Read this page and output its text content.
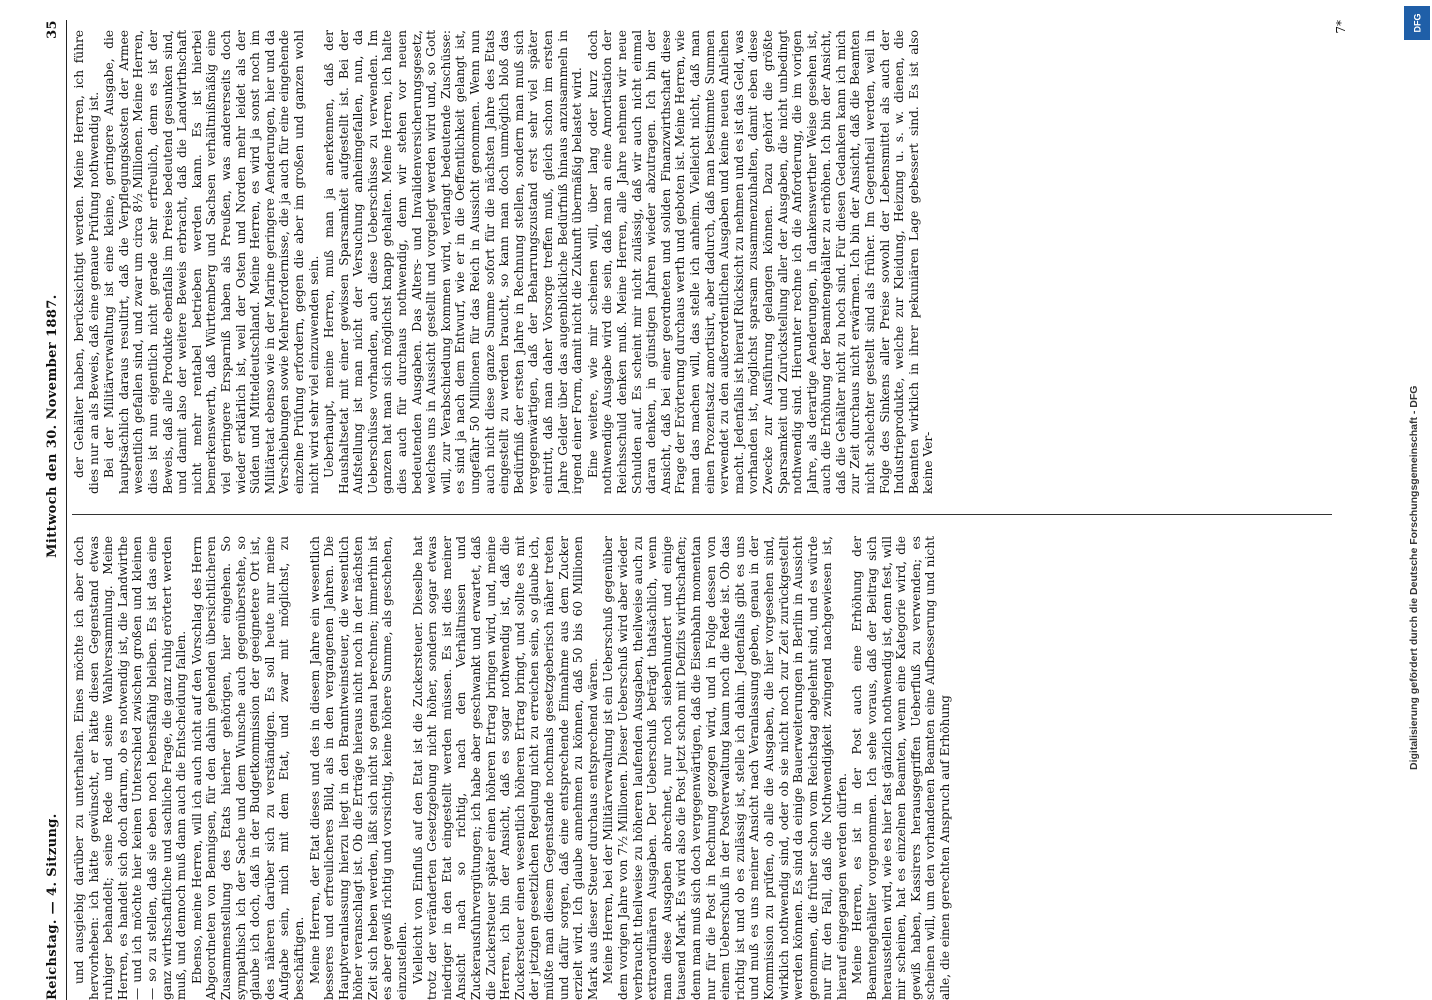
Reichstag. — 4. Sitzung.
Mittwoch den 30. November 1887.
35

und ausgiebig darüber zu unterhalten. Eines möchte ich aber doch hervorheben: ich hätte gewünscht, er hätte diesen Gegenstand etwas ruhiger behandelt; seine Rede und seine Wahlversammlung. Meine Herren, es handelt sich doch darum, ob es notwendig ist, die Landwirthe — und ich möchte hier keinen Unterschied zwischen großen und kleinen — so zu stellen, daß sie eben noch lebensfähig bleiben. Es ist das eine ganz wirthschaftliche und sachliche Frage, die ganz ruhig erörtert werden muß, und dennoch muß dann auch die Entscheidung fallen. Ebenso, meine Herren, will ich auch nicht auf den Vorschlag des Herrn Abgeordneten von Bennigsen, für den dahin gehenden übersichtlicheren Zusammenstellung des Etats hierher gehörigen, hier eingehen. So sympathisch ich der Sache und dem Wunsche auch gegenüberstehe, so glaube ich doch, daß in der Budgetkommission der geeignetere Ort ist, des näheren darüber sich zu verständigen. Es soll heute nur meine Aufgabe sein, mich mit dem Etat, und zwar mit möglichst, zu beschäftigen. Meine Herren, der Etat dieses und des in diesem Jahre ein wesentlich besseres und erfreulicheres Bild, als in den vergangenen Jahren. Die Hauptveranlassung hierzu liegt in den Branntweinsteuer, die wesentlich höher veranschlagt ist. Ob die Erträge hieraus nicht noch in der nächsten Zeit sich heben werden, läßt sich nicht so genau berechnen; immerhin ist es aber gewiß richtig und vorsichtig, keine höhere Summe, als geschehen, einzustellen. Vielleicht von Einfluß auf den Etat ist die Zuckersteuer. Dieselbe hat trotz der veränderten Gesetzgebung nicht höher, sondern sogar etwas niedriger in den Etat eingestellt werden müssen. Es ist dies meiner Ansicht nach so richtig, nach den Verhältnissen und Zuckerausfuhrvergütungen; ich habe aber geschwankt und erwartet, daß die Zuckersteuer später einen höheren Ertrag bringen wird, und, meine Herren, ich bin der Ansicht, daß es sogar nothwendig ist, daß die Zuckersteuer einen wesentlich höheren Ertrag bringt, und sollte es mit der jetzigen gesetzlichen Regelung nicht zu erreichen sein, so glaube ich, müßte man diesem Gegenstande nochmals gesetzgeberisch näher treten und dafür sorgen, daß eine entsprechende Einnahme aus dem Zucker erzielt wird. Ich glaube annehmen zu können, daß 50 bis 60 Millionen Mark aus dieser Steuer durchaus entsprechend wären. Meine Herren, bei der Militärverwaltung ist ein Ueberschuß gegenüber dem vorigen Jahre von 7½ Millionen. Dieser Ueberschuß wird aber wieder verbraucht theilweise zu höheren laufenden Ausgaben, theilweise auch zu extraordinären Ausgaben. Der Ueberschuß beträgt thatsächlich, wenn man diese Ausgaben abrechnet, nur noch siebenhundert und einige tausend Mark. Es wird also die Post jetzt schon mit Defizits wirthschaften; denn man muß sich doch vergegenwärtigen, daß die Eisenbahn momentan nur für die Post in Rechnung gezogen wird, und in Folge dessen von einem Ueberschuß in der Postverwaltung kaum noch die Rede ist. Ob das richtig ist und ob es zulässig ist, stelle ich dahin. Jedenfalls gibt es uns und muß es uns meiner Ansicht nach Veranlassung geben, genau in der Kommission zu prüfen, ob alle die Ausgaben, die hier vorgesehen sind, wirklich nothwendig sind, oder ob sie nicht noch zur Zeit zurückgestellt werden können. Es sind da einige Bauerweiterungen in Berlin in Aussicht genommen, die früher schon vom Reichstag abgelehnt sind, und es würde nur für den Fall, daß die Nothwendigkeit zwingend nachgewiesen ist, hierauf eingegangen werden dürfen. Meine Herren, es ist in der Post auch eine Erhöhung der Beamtengehälter vorgenommen. Ich sehe voraus, daß der Beitrag sich herausstellen wird, wie es hier fast gänzlich nothwendig ist, denn fest, will mir scheinen, hat es einzelnen Beamten, wenn eine Kategorie wird, die gewiß haben, Kassirers herausgegriffen Ueberfluß zu verwenden; es scheinen will, um den vorhandenen Beamten eine Aufbesserung und nicht alle, die einen gerechten Anspruch auf Erhöhung

der Gehälter haben, berücksichtigt werden. Meine Herren, ich führe dies nur an als Beweis, daß eine genaue Prüfung nothwendig ist. Bei der Militärverwaltung ist eine kleine, geringere Ausgabe, die hauptsächlich daraus resultirt, daß die Verpflegungskosten der Armee wesentlich gefallen sind, und zwar um circa 8½ Millionen. Meine Herren, dies ist nun eigentlich nicht gerade sehr erfreulich, denn es ist der Beweis, daß alle Produkte ebenfalls im Preise bedeutend gesunken sind, und damit also der weitere Beweis erbracht, daß die Landwirthschaft nicht mehr rentabel betrieben werden kann. Es ist hierbei bemerkenswerth, daß Württemberg und Sachsen verhältnißmäßig eine viel geringere Ersparniß haben als Preußen, was andererseits doch wieder erklärlich ist, weil der Osten und Norden mehr leidet als der Süden und Mitteldeutschland. Meine Herren, es wird ja sonst noch im Militäretat ebenso wie in der Marine geringere Aenderungen, hier und da Verschiebungen sowie Mehrerfordernisse, die ja auch für eine eingehende einzelne Prüfung erfordern, gegen die aber im großen und ganzen wohl nicht wird sehr viel einzuwenden sein. Ueberhaupt, meine Herren, muß man ja anerkennen, daß der Haushaltsetat mit einer gewissen Sparsamkeit aufgestellt ist. Bei der Aufstellung ist man nicht der Versuchung anheimgefallen, nun, da Ueberschüsse vorhanden, auch diese Ueberschüsse zu verwenden. Im ganzen hat man sich möglichst knapp gehalten. Meine Herren, ich halte dies auch für durchaus nothwendig, denn wir stehen vor neuen bedeutenden Ausgaben. Das Alters- und Invalidenversicherungsgesetz, welches uns in Aussicht gestellt und vorgelegt werden wird und, so Gott will, zur Verabschiedung kommen wird, verlangt bedeutende Zuschüsse: es sind ja nach dem Entwurf, wie er in die Oeffentlichkeit gelangt ist, ungefähr 50 Millionen für das Reich in Aussicht genommen. Wenn nun auch nicht diese ganze Summe sofort für die nächsten Jahre des Etats eingestellt zu werden braucht, so kann man doch unmöglich bloß das Bedürfniß der ersten Jahre in Rechnung stellen, sondern man muß sich vergegenwärtigen, daß der Beharrungszustand erst sehr viel später eintritt, daß man daher Vorsorge treffen muß, gleich schon im ersten Jahre Gelder über das augenblickliche Bedürfniß hinaus anzusammeln in irgend einer Form, damit nicht die Zukunft übermäßig belastet wird. Eine weitere, wie mir scheinen will, über lang oder kurz doch nothwendige Ausgabe wird die sein, daß man an eine Amortisation der Reichsschuld denken muß. Meine Herren, alle Jahre nehmen wir neue Schulden auf. Es scheint mir nicht zulässig, daß wir auch nicht einmal daran denken, in günstigen Jahren wieder abzutragen. Ich bin der Ansicht, daß bei einer geordneten und soliden Finanzwirthschaft diese Frage der Erörterung durchaus werth und geboten ist. Meine Herren, wie man das machen will, das stelle ich anheim. Vielleicht nicht, daß man einen Prozentsatz amortisirt, aber dadurch, daß man bestimmte Summen verwendet zu den außerordentlichen Ausgaben und keine neuen Anleihen macht. Jedenfalls ist hierauf Rücksicht zu nehmen und es ist das Geld, was vorhanden ist, möglichst sparsam zusammenzuhalten, damit eben diese Zwecke zur Ausführung gelangen können. Dazu gehört die größte Sparsamkeit und Zurückstellung aller der Ausgaben, die nicht unbedingt nothwendig sind. Hierunter rechne ich die Anforderung, die im vorigen Jahre, als derartige Aenderungen, in dankenswerther Weise gesehen ist, auch die Erhöhung der Beamtengehälter zu erhöhen. Ich bin der Ansicht, daß die Gehälter nicht zu hoch sind. Für diesen Gedanken kann ich mich zur Zeit durchaus nicht erwärmen. Ich bin der Ansicht, daß die Beamten nicht schlechter gestellt sind als früher. Im Gegentheil werden, weil in Folge des Sinkens aller Preise sowohl der Lebensmittel als auch der Industrieprodukte, welche zur Kleidung, Heizung u. s. w. dienen, die Beamten wirklich in ihrer pekuniären Lage gebessert sind. Es ist also keine Ver-

7*
Digitalisierung gefördert durch die Deutsche Forschungsgemeinschaft - DFG
DFG
